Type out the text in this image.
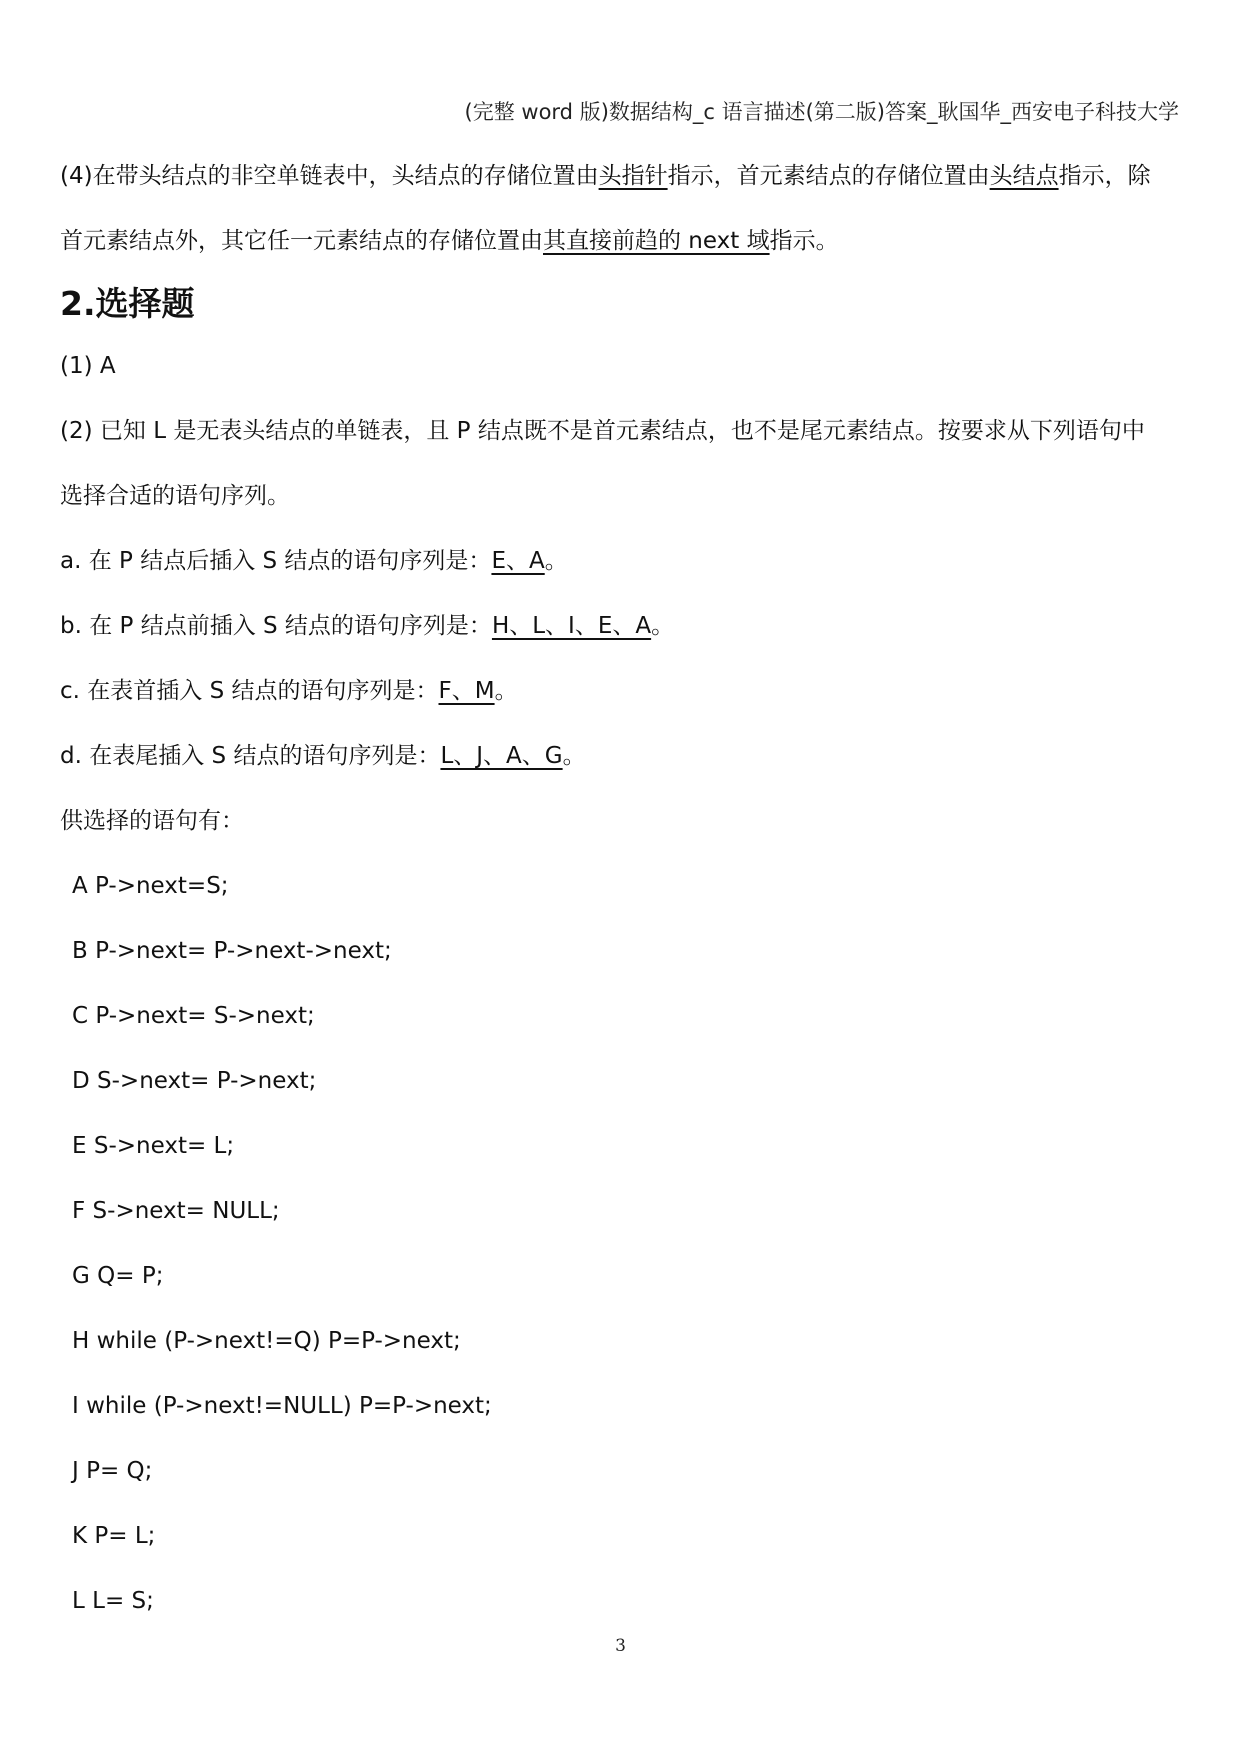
(完整 word 版)数据结构_c 语言描述(第二版)答案_耿国华_西安电子科技大学

(4)在带头结点的非空单链表中，头结点的存储位置由头指针指示，首元素结点的存储位置由头结点指示，除

首元素结点外，其它任一元素结点的存储位置由其直接前趋的 next 域指示。

2.选择题
(1) A
(2) 已知 L 是无表头结点的单链表，且 P 结点既不是首元素结点，也不是尾元素结点。按要求从下列语句中
选择合适的语句序列。
a. 在 P 结点后插入 S 结点的语句序列是：E、A。
b. 在 P 结点前插入 S 结点的语句序列是：H、L、I、E、A。
c. 在表首插入 S 结点的语句序列是：F、M。
d. 在表尾插入 S 结点的语句序列是：L、J、A、G。
供选择的语句有：
A P->next=S;
B P->next= P->next->next;
C P->next= S->next;
D S->next= P->next;
E S->next= L;
F S->next= NULL;
G Q= P;
H while (P->next!=Q) P=P->next;
I while (P->next!=NULL) P=P->next;
J P= Q;
K P= L;
L L= S;
3
